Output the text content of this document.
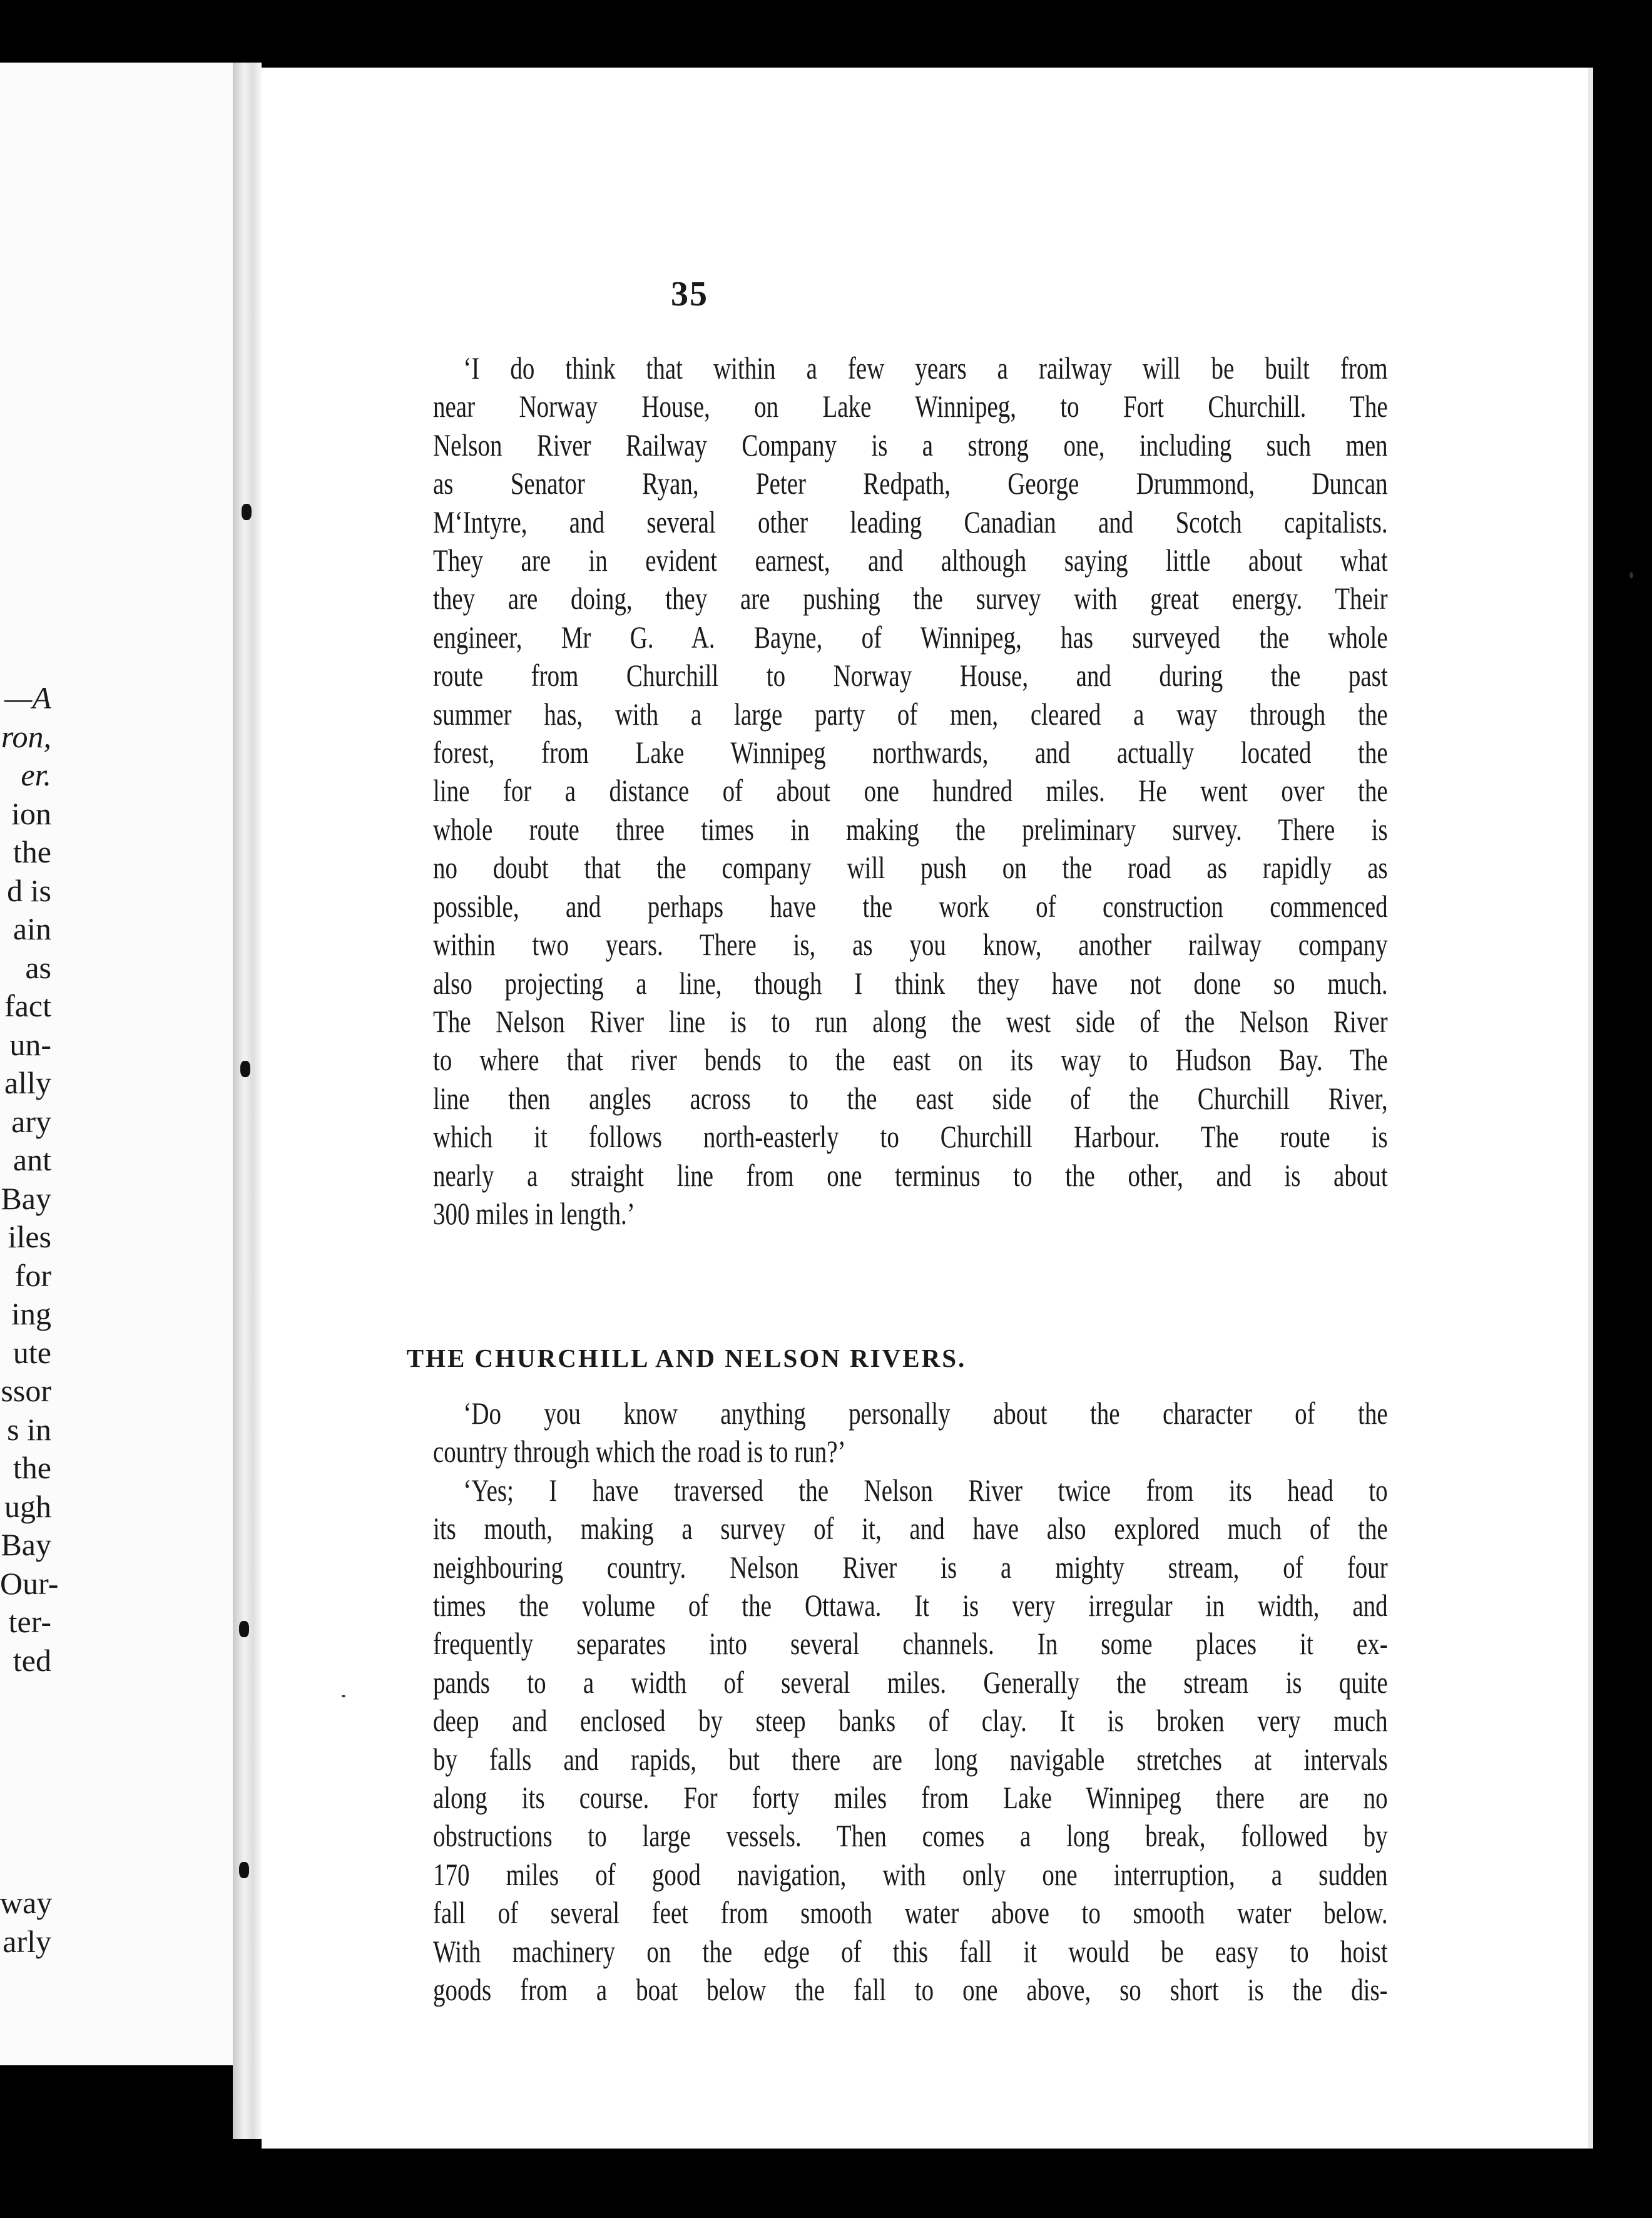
—A
ron,
er.
ion
the
d is
ain
as
fact
un-
ally
ary
ant
Bay
iles
for
ing
ute
ssor
s in
the
ugh
Bay
Our-
ter-
ted
way
arly
35
‘I do think that within a few years a railway will be built from
near Norway House, on Lake Winnipeg, to Fort Churchill. The
Nelson River Railway Company is a strong one, including such men
as Senator Ryan, Peter Redpath, George Drummond, Duncan
M‘Intyre, and several other leading Canadian and Scotch capitalists.
They are in evident earnest, and although saying little about what
they are doing, they are pushing the survey with great energy. Their
engineer, Mr G. A. Bayne, of Winnipeg, has surveyed the whole
route from Churchill to Norway House, and during the past
summer has, with a large party of men, cleared a way through the
forest, from Lake Winnipeg northwards, and actually located the
line for a distance of about one hundred miles. He went over the
whole route three times in making the preliminary survey. There is
no doubt that the company will push on the road as rapidly as
possible, and perhaps have the work of construction commenced
within two years. There is, as you know, another railway company
also projecting a line, though I think they have not done so much.
The Nelson River line is to run along the west side of the Nelson River
to where that river bends to the east on its way to Hudson Bay. The
line then angles across to the east side of the Churchill River,
which it follows north-easterly to Churchill Harbour. The route is
nearly a straight line from one terminus to the other, and is about
300 miles in length.’
THE CHURCHILL AND NELSON RIVERS.
‘Do you know anything personally about the character of the
country through which the road is to run?’
‘Yes; I have traversed the Nelson River twice from its head to
its mouth, making a survey of it, and have also explored much of the
neighbouring country. Nelson River is a mighty stream, of four
times the volume of the Ottawa. It is very irregular in width, and
frequently separates into several channels. In some places it ex-
pands to a width of several miles. Generally the stream is quite
deep and enclosed by steep banks of clay. It is broken very much
by falls and rapids, but there are long navigable stretches at intervals
along its course. For forty miles from Lake Winnipeg there are no
obstructions to large vessels. Then comes a long break, followed by
170 miles of good navigation, with only one interruption, a sudden
fall of several feet from smooth water above to smooth water below.
With machinery on the edge of this fall it would be easy to hoist
goods from a boat below the fall to one above, so short is the dis-
